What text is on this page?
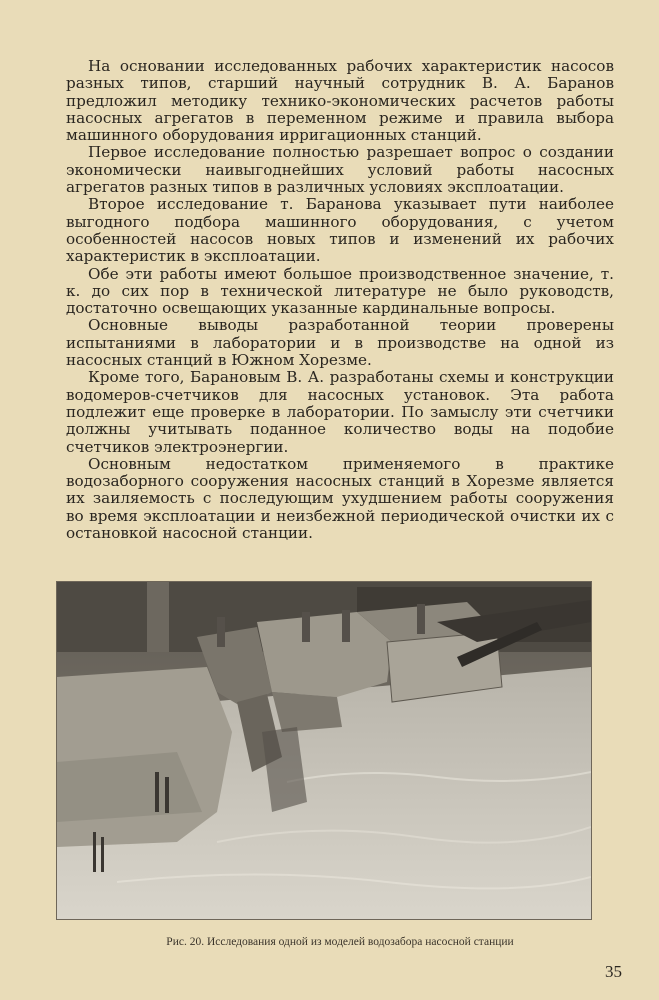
На основании исследованных рабочих характеристик насосов разных типов, старший научный сотрудник В. А. Баранов предложил методику технико-экономических расчетов работы насосных агрегатов в переменном режиме и правила выбора машинного оборудования ирригационных станций.

Первое исследование полностью разрешает вопрос о создании экономически наивыгоднейших условий работы насосных агрегатов разных типов в различных условиях эксплоатации.

Второе исследование т. Баранова указывает пути наиболее выгодного подбора машинного оборудования, с учетом особенностей насосов новых типов и изменений их рабочих характеристик в эксплоатации.

Обе эти работы имеют большое производственное значение, т. к. до сих пор в технической литературе не было руководств, достаточно освещающих указанные кардинальные вопросы.

Основные выводы разработанной теории проверены испытаниями в лаборатории и в производстве на одной из насосных станций в Южном Хорезме.

Кроме того, Барановым В. А. разработаны схемы и конструкции водомеров-счетчиков для насосных установок. Эта работа подлежит еще проверке в лаборатории. По замыслу эти счетчики должны учитывать поданное количество воды на подобие счетчиков электроэнергии.

Основным недостатком применяемого в практике водозаборного сооружения насосных станций в Хорезме является их заиляемость с последующим ухудшением работы сооружения во время эксплоатации и неизбежной периодической очистки их с остановкой насосной станции.

Рис. 20. Исследования одной из моделей водозабора насосной станции
35
